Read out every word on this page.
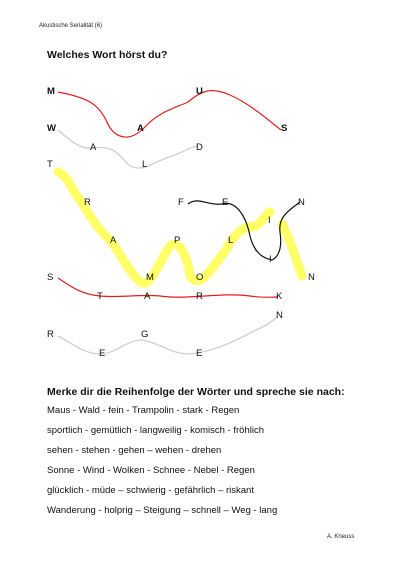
Akustische Serialität (6)
Welches Wort hörst du?
M	U
W	A	S
A	D
T	L
R	F	E	N
I
A	P	L
I
S	M	O	N
T	A	R	K
N
R	G
E	E
Merke dir die Reihenfolge der Wörter und spreche sie nach:
Maus - Wald - fein - Trampolin - stark - Regen
sportlich - gemütlich - langweilig - komisch - fröhlich
sehen - stehen - gehen – wehen - drehen
Sonne - Wind - Wolken - Schnee - Nebel - Regen
glücklich - müde – schwierig - gefährlich – riskant
Wanderung - holprig – Steigung – schnell – Weg - lang
A. Kneuss
